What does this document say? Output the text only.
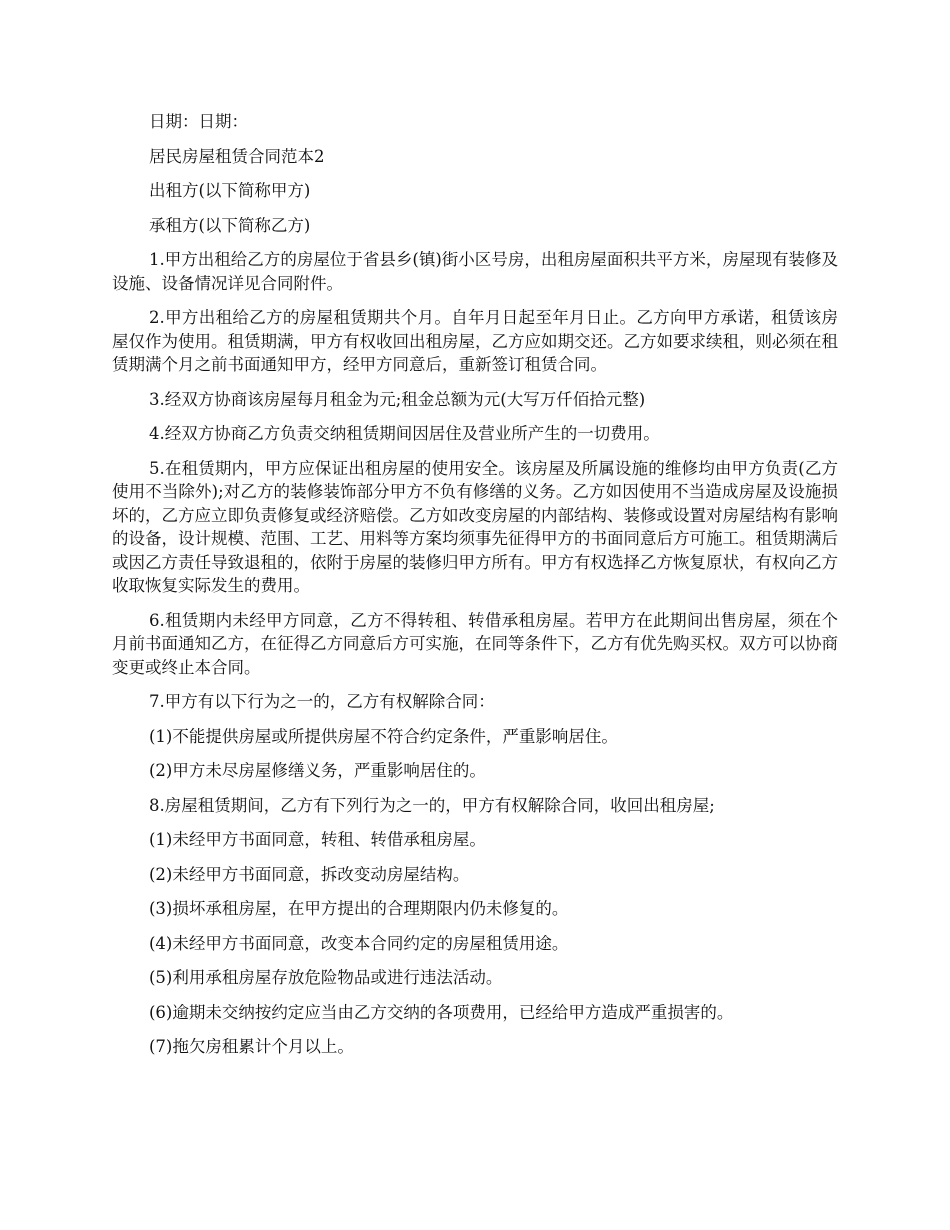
日期：日期：

居民房屋租赁合同范本2

出租方(以下简称甲方)

承租方(以下简称乙方)

1.甲方出租给乙方的房屋位于省县乡(镇)街小区号房，出租房屋面积共平方米，房屋现有装修及设施、设备情况详见合同附件。

2.甲方出租给乙方的房屋租赁期共个月。自年月日起至年月日止。乙方向甲方承诺，租赁该房屋仅作为使用。租赁期满，甲方有权收回出租房屋，乙方应如期交还。乙方如要求续租，则必须在租赁期满个月之前书面通知甲方，经甲方同意后，重新签订租赁合同。

3.经双方协商该房屋每月租金为元;租金总额为元(大写万仟佰拾元整)

4.经双方协商乙方负责交纳租赁期间因居住及营业所产生的一切费用。

5.在租赁期内，甲方应保证出租房屋的使用安全。该房屋及所属设施的维修均由甲方负责(乙方使用不当除外);对乙方的装修装饰部分甲方不负有修缮的义务。乙方如因使用不当造成房屋及设施损坏的，乙方应立即负责修复或经济赔偿。乙方如改变房屋的内部结构、装修或设置对房屋结构有影响的设备，设计规模、范围、工艺、用料等方案均须事先征得甲方的书面同意后方可施工。租赁期满后或因乙方责任导致退租的，依附于房屋的装修归甲方所有。甲方有权选择乙方恢复原状，有权向乙方收取恢复实际发生的费用。

6.租赁期内未经甲方同意，乙方不得转租、转借承租房屋。若甲方在此期间出售房屋，须在个月前书面通知乙方，在征得乙方同意后方可实施，在同等条件下，乙方有优先购买权。双方可以协商变更或终止本合同。

7.甲方有以下行为之一的，乙方有权解除合同：

(1)不能提供房屋或所提供房屋不符合约定条件，严重影响居住。

(2)甲方未尽房屋修缮义务，严重影响居住的。

8.房屋租赁期间，乙方有下列行为之一的，甲方有权解除合同，收回出租房屋;

(1)未经甲方书面同意，转租、转借承租房屋。

(2)未经甲方书面同意，拆改变动房屋结构。

(3)损坏承租房屋，在甲方提出的合理期限内仍未修复的。

(4)未经甲方书面同意，改变本合同约定的房屋租赁用途。

(5)利用承租房屋存放危险物品或进行违法活动。

(6)逾期未交纳按约定应当由乙方交纳的各项费用，已经给甲方造成严重损害的。

(7)拖欠房租累计个月以上。
